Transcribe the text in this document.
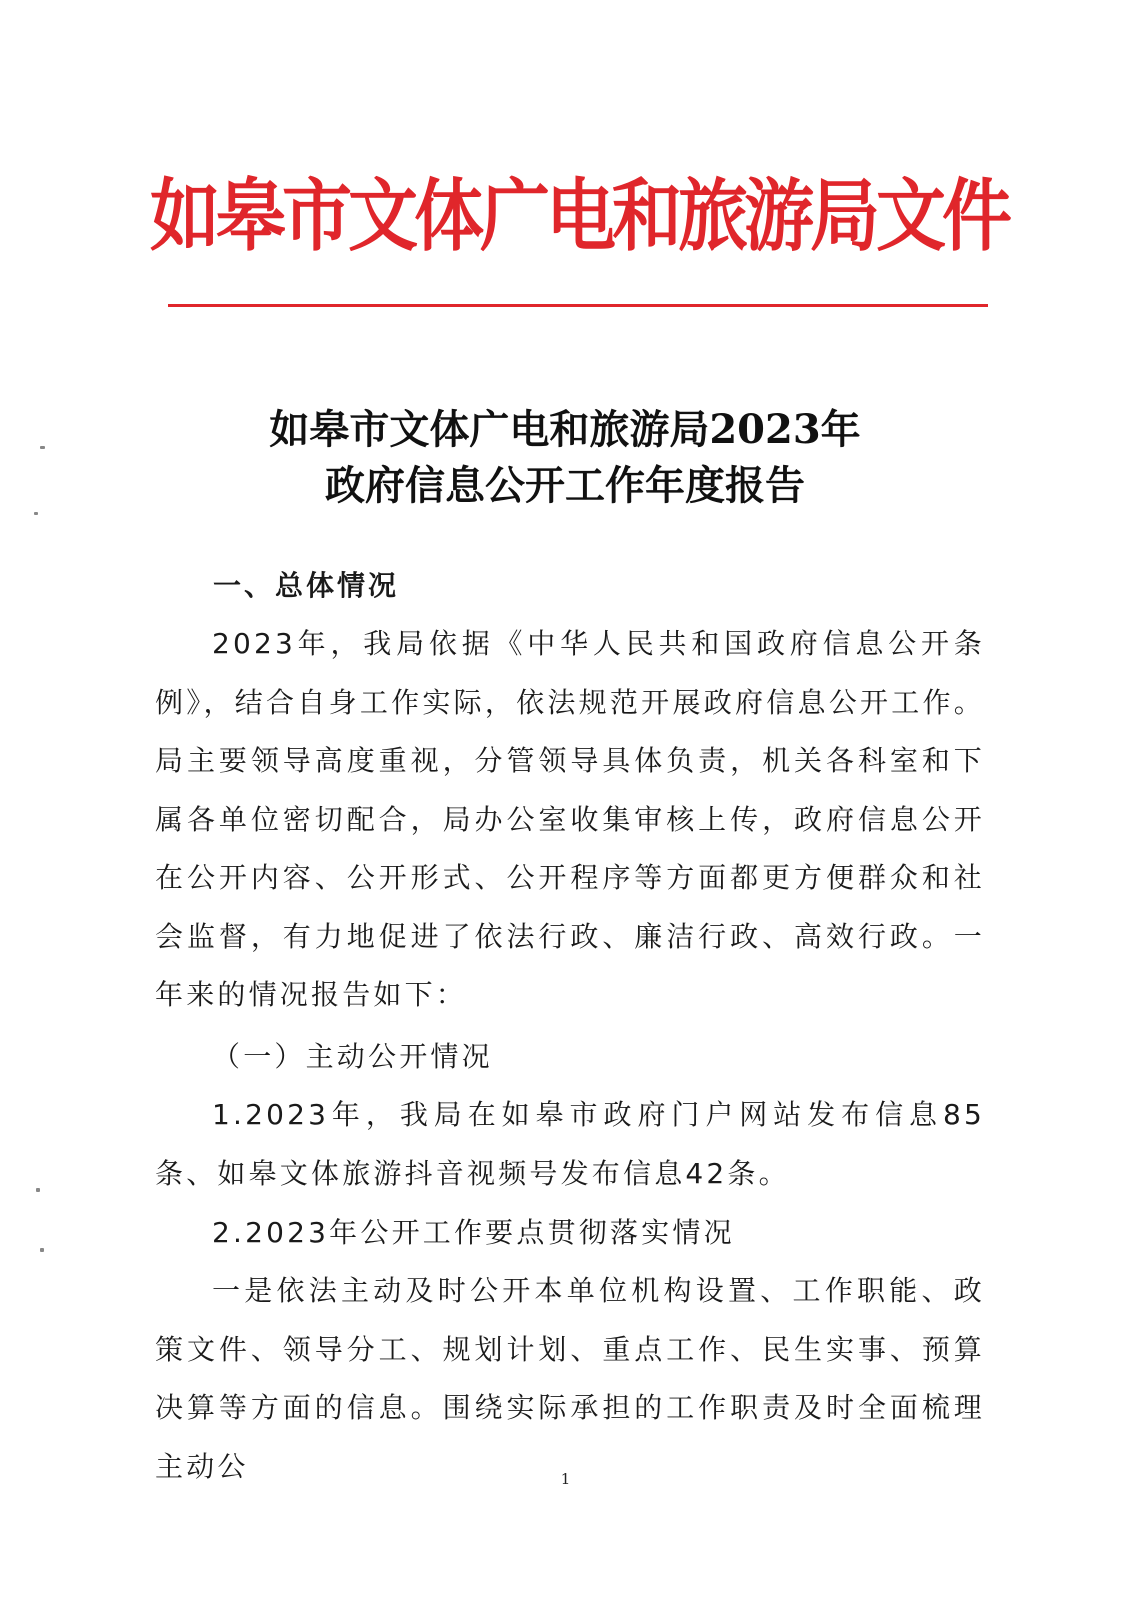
如皋市文体广电和旅游局文件
如皋市文体广电和旅游局2023年
政府信息公开工作年度报告
一、总体情况

2023年，我局依据《中华人民共和国政府信息公开条例》，结合自身工作实际，依法规范开展政府信息公开工作。局主要领导高度重视，分管领导具体负责，机关各科室和下属各单位密切配合，局办公室收集审核上传，政府信息公开在公开内容、公开形式、公开程序等方面都更方便群众和社会监督，有力地促进了依法行政、廉洁行政、高效行政。一年来的情况报告如下：

（一）主动公开情况

1.2023年，我局在如皋市政府门户网站发布信息85条、如皋文体旅游抖音视频号发布信息42条。

2.2023年公开工作要点贯彻落实情况

一是依法主动及时公开本单位机构设置、工作职能、政策文件、领导分工、规划计划、重点工作、民生实事、预算决算等方面的信息。围绕实际承担的工作职责及时全面梳理主动公	1
